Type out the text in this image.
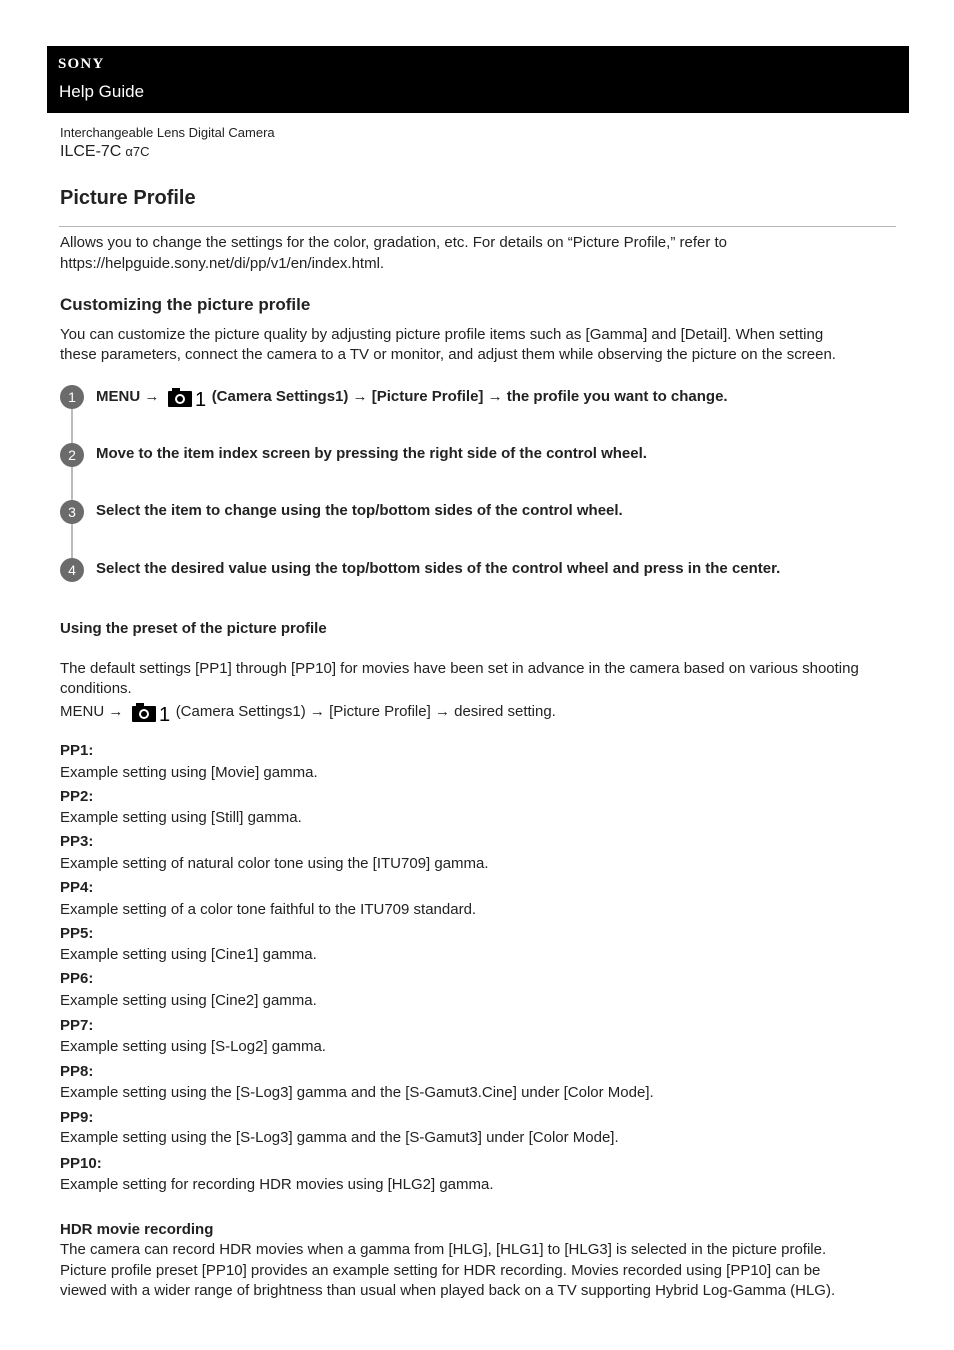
SONY
Help Guide
Interchangeable Lens Digital Camera
ILCE-7C α7C
Picture Profile

Allows you to change the settings for the color, gradation, etc. For details on “Picture Profile,” refer to

https://helpguide.sony.net/di/pp/v1/en/index.html.

Customizing the picture profile

You can customize the picture quality by adjusting picture profile items such as [Gamma] and [Detail]. When setting

these parameters, connect the camera to a TV or monitor, and adjust them while observing the picture on the screen.

1	MENU → 1 (Camera Settings1) → [Picture Profile] → the profile you want to change.
2	Move to the item index screen by pressing the right side of the control wheel.
3	Select the item to change using the top/bottom sides of the control wheel.
4	Select the desired value using the top/bottom sides of the control wheel and press in the center.
Using the preset of the picture profile

The default settings [PP1] through [PP10] for movies have been set in advance in the camera based on various shooting

conditions.

MENU → 1 (Camera Settings1) → [Picture Profile] → desired setting.
PP1:
Example setting using [Movie] gamma.
PP2:
Example setting using [Still] gamma.
PP3:
Example setting of natural color tone using the [ITU709] gamma.
PP4:
Example setting of a color tone faithful to the ITU709 standard.
PP5:
Example setting using [Cine1] gamma.
PP6:
Example setting using [Cine2] gamma.
PP7:
Example setting using [S-Log2] gamma.
PP8:
Example setting using the [S-Log3] gamma and the [S-Gamut3.Cine] under [Color Mode].
PP9:
Example setting using the [S-Log3] gamma and the [S-Gamut3] under [Color Mode].
PP10:
Example setting for recording HDR movies using [HLG2] gamma.
HDR movie recording

The camera can record HDR movies when a gamma from [HLG], [HLG1] to [HLG3] is selected in the picture profile.

Picture profile preset [PP10] provides an example setting for HDR recording. Movies recorded using [PP10] can be

viewed with a wider range of brightness than usual when played back on a TV supporting Hybrid Log-Gamma (HLG).
